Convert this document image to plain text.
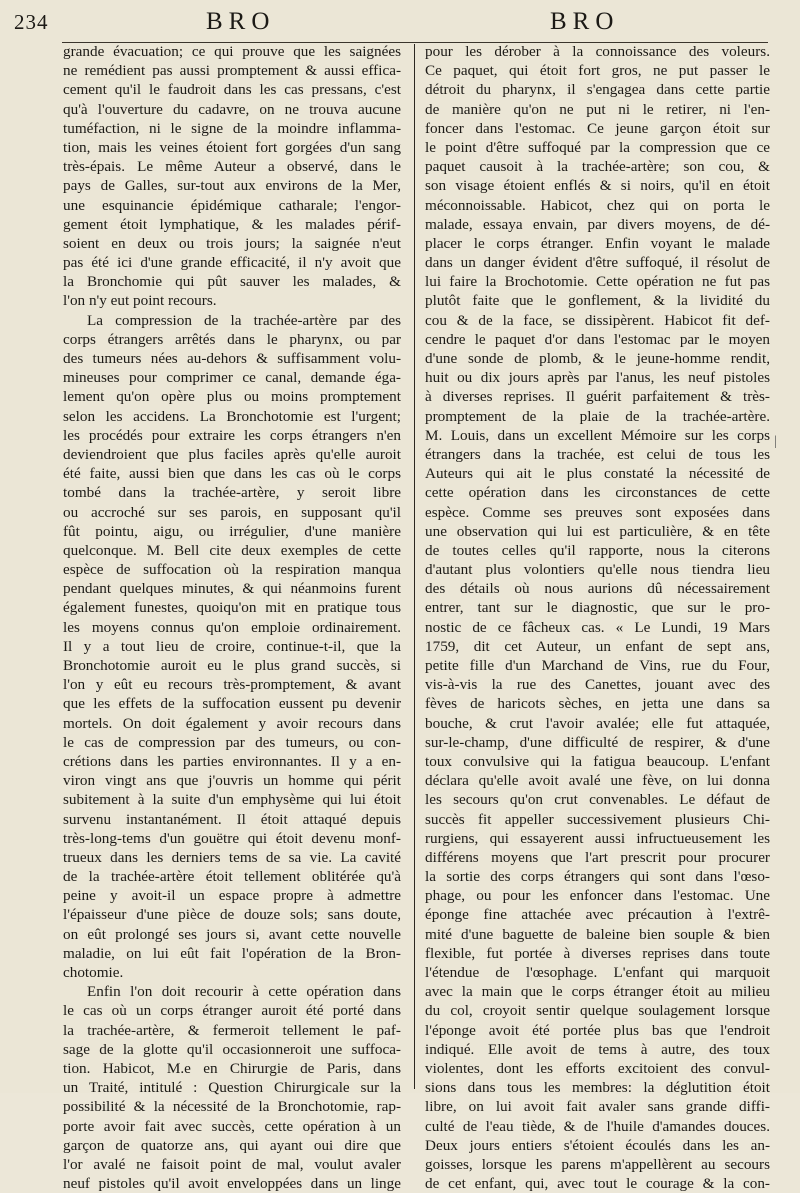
234	BRO	BRO
grande évacuation; ce qui prouve que les saignées
ne remédient pas aussi promptement & aussi effica-
cement qu'il le faudroit dans les cas pressans, c'est
qu'à l'ouverture du cadavre, on ne trouva aucune
tuméfaction, ni le signe de la moindre inflamma-
tion, mais les veines étoient fort gorgées d'un sang
très-épais. Le même Auteur a observé, dans le
pays de Galles, sur-tout aux environs de la Mer,
une esquinancie épidémique catharale; l'engor-
gement étoit lymphatique, & les malades périf-
soient en deux ou trois jours; la saignée n'eut
pas été ici d'une grande efficacité, il n'y avoit que
la Bronchomie qui pût sauver les malades, &
l'on n'y eut point recours.
La compression de la trachée-artère par des
corps étrangers arrêtés dans le pharynx, ou par
des tumeurs nées au-dehors & suffisamment volu-
mineuses pour comprimer ce canal, demande éga-
lement qu'on opère plus ou moins promptement
selon les accidens. La Bronchotomie est l'urgent;
les procédés pour extraire les corps étrangers n'en
deviendroient que plus faciles après qu'elle auroit
été faite, aussi bien que dans les cas où le corps
tombé dans la trachée-artère, y seroit libre
ou accroché sur ses parois, en supposant qu'il
fût pointu, aigu, ou irrégulier, d'une manière
quelconque. M. Bell cite deux exemples de cette
espèce de suffocation où la respiration manqua
pendant quelques minutes, & qui néanmoins furent
également funestes, quoiqu'on mit en pratique tous
les moyens connus qu'on emploie ordinairement.
Il y a tout lieu de croire, continue-t-il, que la
Bronchotomie auroit eu le plus grand succès, si
l'on y eût eu recours très-promptement, & avant
que les effets de la suffocation eussent pu devenir
mortels. On doit également y avoir recours dans
le cas de compression par des tumeurs, ou con-
crétions dans les parties environnantes. Il y a en-
viron vingt ans que j'ouvris un homme qui périt
subitement à la suite d'un emphysème qui lui étoit
survenu instantanément. Il étoit attaqué depuis
très-long-tems d'un gouëtre qui étoit devenu monf-
trueux dans les derniers tems de sa vie. La cavité
de la trachée-artère étoit tellement oblitérée qu'à
peine y avoit-il un espace propre à admettre
l'épaisseur d'une pièce de douze sols; sans doute,
on eût prolongé ses jours si, avant cette nouvelle
maladie, on lui eût fait l'opération de la Bron-
chotomie.
Enfin l'on doit recourir à cette opération dans
le cas où un corps étranger auroit été porté dans
la trachée-artère, & fermeroit tellement le paf-
sage de la glotte qu'il occasionneroit une suffoca-
tion. Habicot, M.e en Chirurgie de Paris, dans
un Traité, intitulé : Question Chirurgicale sur la
possibilité & la nécessité de la Bronchotomie, rap-
porte avoir fait avec succès, cette opération à un
garçon de quatorze ans, qui ayant oui dire que
l'or avalé ne faisoit point de mal, voulut avaler
neuf pistoles qu'il avoit enveloppées dans un linge
pour les dérober à la connoissance des voleurs.
Ce paquet, qui étoit fort gros, ne put passer le
détroit du pharynx, il s'engagea dans cette partie
de manière qu'on ne put ni le retirer, ni l'en-
foncer dans l'estomac. Ce jeune garçon étoit sur
le point d'être suffoqué par la compression que ce
paquet causoit à la trachée-artère; son cou, &
son visage étoient enflés & si noirs, qu'il en étoit
méconnoissable. Habicot, chez qui on porta le
malade, essaya envain, par divers moyens, de dé-
placer le corps étranger. Enfin voyant le malade
dans un danger évident d'être suffoqué, il résolut de
lui faire la Brochotomie. Cette opération ne fut pas
plutôt faite que le gonflement, & la lividité du
cou & de la face, se dissipèrent. Habicot fit def-
cendre le paquet d'or dans l'estomac par le moyen
d'une sonde de plomb, & le jeune-homme rendit,
huit ou dix jours après par l'anus, les neuf pistoles
à diverses reprises. Il guérit parfaitement & très-
promptement de la plaie de la trachée-artère.
M. Louis, dans un excellent Mémoire sur les corps
étrangers dans la trachée, est celui de tous les
Auteurs qui ait le plus constaté la nécessité de
cette opération dans les circonstances de cette
espèce. Comme ses preuves sont exposées dans
une observation qui lui est particulière, & en tête
de toutes celles qu'il rapporte, nous la citerons
d'autant plus volontiers qu'elle nous tiendra lieu
des détails où nous aurions dû nécessairement
entrer, tant sur le diagnostic, que sur le pro-
nostic de ce fâcheux cas. « Le Lundi, 19 Mars
1759, dit cet Auteur, un enfant de sept ans,
petite fille d'un Marchand de Vins, rue du Four,
vis-à-vis la rue des Canettes, jouant avec des
fèves de haricots sèches, en jetta une dans sa
bouche, & crut l'avoir avalée; elle fut attaquée,
sur-le-champ, d'une difficulté de respirer, & d'une
toux convulsive qui la fatigua beaucoup. L'enfant
déclara qu'elle avoit avalé une fève, on lui donna
les secours qu'on crut convenables. Le défaut de
succès fit appeller successivement plusieurs Chi-
rurgiens, qui essayerent aussi infructueusement les
différens moyens que l'art prescrit pour procurer
la sortie des corps étrangers qui sont dans l'œso-
phage, ou pour les enfoncer dans l'estomac. Une
éponge fine attachée avec précaution à l'extrê-
mité d'une baguette de baleine bien souple & bien
flexible, fut portée à diverses reprises dans toute
l'étendue de l'œsophage. L'enfant qui marquoit
avec la main que le corps étranger étoit au milieu
du col, croyoit sentir quelque soulagement lorsque
l'éponge avoit été portée plus bas que l'endroit
indiqué. Elle avoit de tems à autre, des toux
violentes, dont les efforts excitoient des convul-
sions dans tous les membres: la déglutition étoit
libre, on lui avoit fait avaler sans grande diffi-
culté de l'eau tiède, & de l'huile d'amandes douces.
Deux jours entiers s'étoient écoulés dans les an-
goisses, lorsque les parens m'appellèrent au secours
de cet enfant, qui, avec tout le courage & la con-
|
